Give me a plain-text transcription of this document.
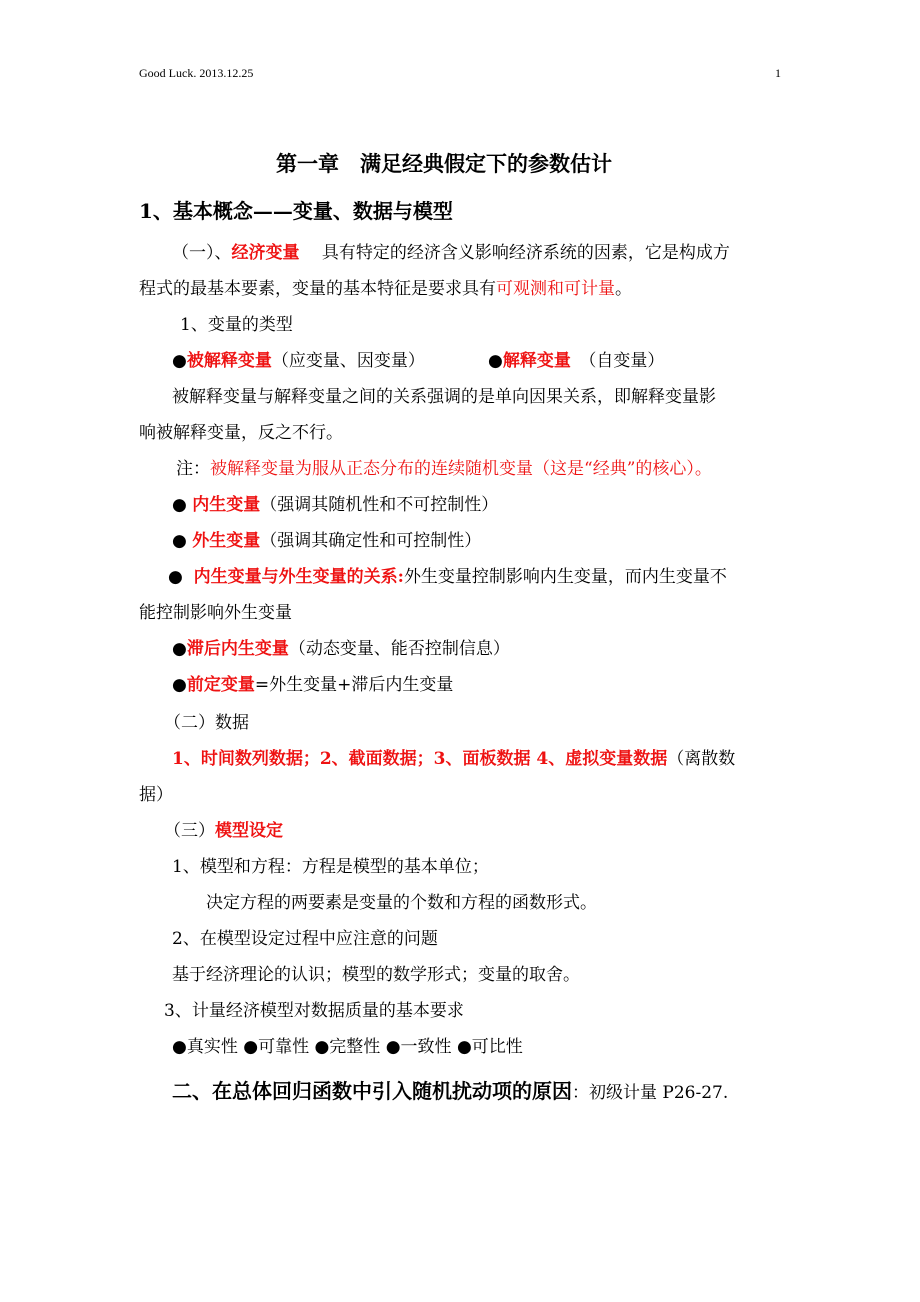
Good Luck. 2013.12.25	1
第一章　满足经典假定下的参数估计
1、基本概念——变量、数据与模型
（一）、经济变量　 具有特定的经济含义影响经济系统的因素，它是构成方
程式的最基本要素，变量的基本特征是要求具有可观测和可计量。
1、变量的类型
●被解释变量（应变量、因变量）	●解释变量　（自变量）
被解释变量与解释变量之间的关系强调的是单向因果关系，即解释变量影
响被解释变量，反之不行。
注：被解释变量为服从正态分布的连续随机变量（这是“经典”的核心）。
● 内生变量（强调其随机性和不可控制性）
● 外生变量（强调其确定性和可控制性）
● 内生变量与外生变量的关系:外生变量控制影响内生变量，而内生变量不
能控制影响外生变量
●滞后内生变量（动态变量、能否控制信息）
●前定变量=外生变量+滞后内生变量
（二）数据
1、时间数列数据；2、截面数据；3、面板数据 4、虚拟变量数据（离散数
据）
（三）模型设定
1、模型和方程：方程是模型的基本单位；
决定方程的两要素是变量的个数和方程的函数形式。
2、在模型设定过程中应注意的问题
基于经济理论的认识；模型的数学形式；变量的取舍。
3、计量经济模型对数据质量的基本要求
●真实性 ●可靠性 ●完整性 ●一致性 ●可比性
二、在总体回归函数中引入随机扰动项的原因：初级计量 P26-27.
